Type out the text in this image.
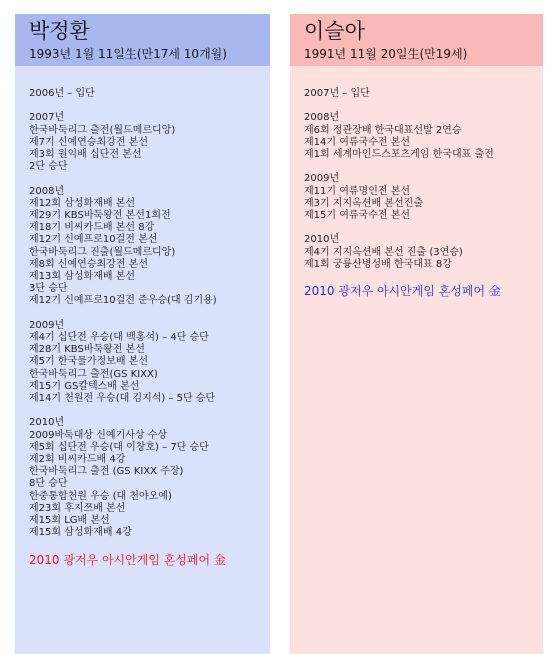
박정환
1993년 1월 11일生(만17세 10개월)
2006년 – 입단
2007년
한국바둑리그 출전(월드메르디앙)
제7기 신예연승최강전 본선
제3회 원익배 십단전 본선
2단 승단
2008년
제12회 삼성화재배 본선
제29기 KBS바둑왕전 본선1회전
제18기 비씨카드배 본선 8강
제12기 신예프로10걸전 본선
한국바둑리그 진출(월드메르디앙)
제8회 신예연승최강전 본선
제13회 삼성화재배 본선
3단 승단
제12기 신예프로10걸전 준우승(대 김기용)
2009년
제4기 십단전 우승(대 백홍석) – 4단 승단
제28기 KBS바둑왕전 본선
제5기 한국물가정보배 본선
한국바둑리그 출전(GS KIXX)
제15기 GS칼텍스배 본선
제14기 천원전 우승(대 김지석) – 5단 승단
2010년
2009바둑대상 신예기사상 수상
제5회 십단전 우승(대 이창호) – 7단 승단
제2회 비씨카드배 4강
한국바둑리그 출전 (GS KIXX 주장)
8단 승단
한중통합천원 우승 (대 천야오예)
제23회 후지쯔배 본선
제15회 LG배 본선
제15회 삼성화재배 4강
2010 광저우 아시안게임 혼성페어 金
이슬아
1991년 11월 20일生(만19세)
2007년 – 입단
2008년
제6회 정관장배 한국대표선발 2연승
제14기 여류국수전 본선
제1회 세계마인드스포츠게임 한국대표 출전
2009년
제11기 여류명인전 본선
제3기 지지옥션배 본선진출
제15기 여류국수전 본선
2010년
제4기 지지옥션배 본선 진출 (3연승)
제1회 궁륭산병성배 한국대표 8강
2010 광저우 아시안게임 혼성페어 金
